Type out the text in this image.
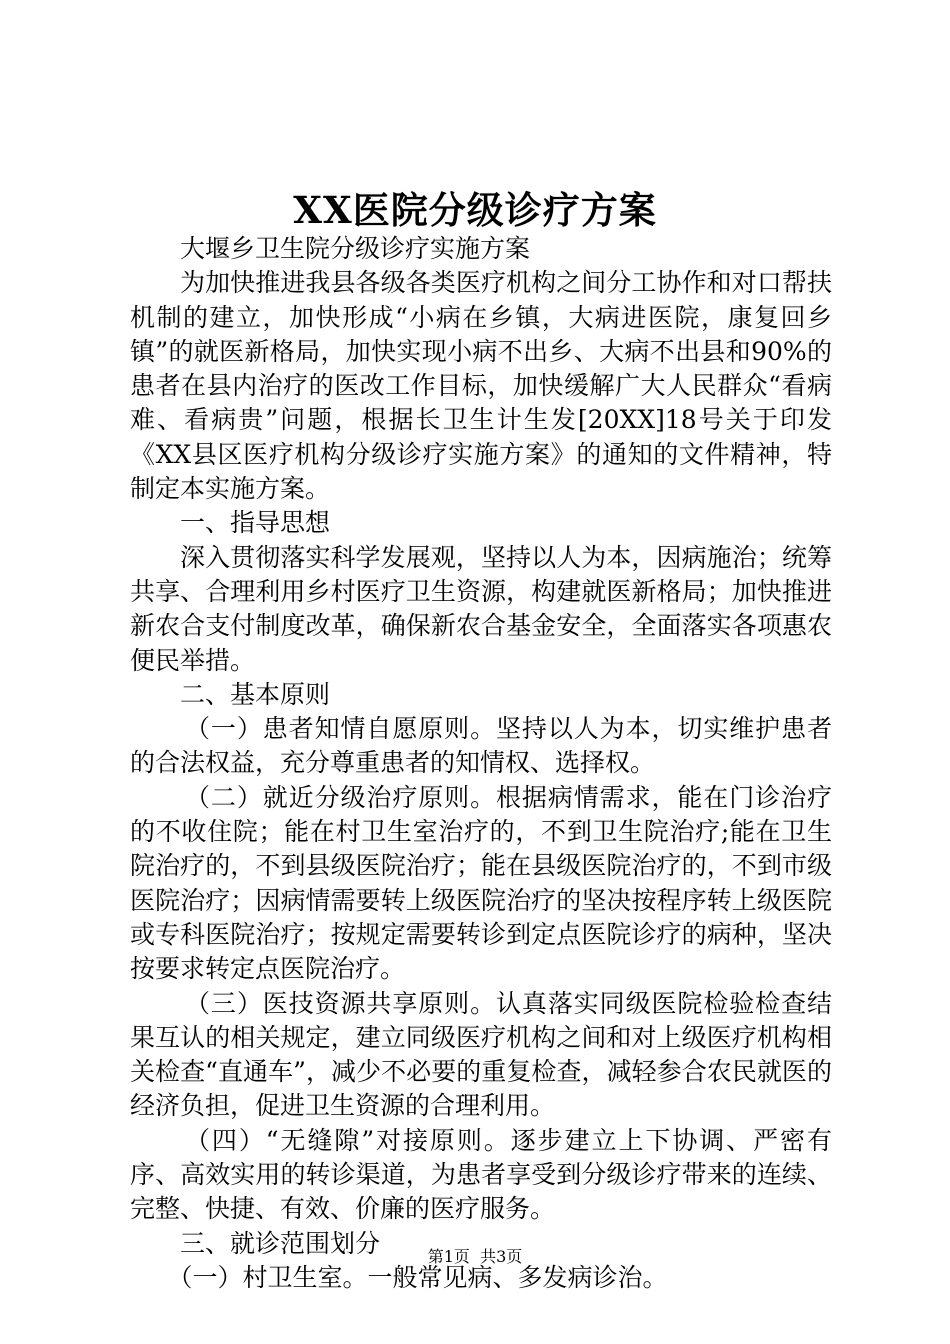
XX医院分级诊疗方案

大堰乡卫生院分级诊疗实施方案

为加快推进我县各级各类医疗机构之间分工协作和对口帮扶机制的建立，加快形成“小病在乡镇，大病进医院，康复回乡镇”的就医新格局，加快实现小病不出乡、大病不出县和90%的患者在县内治疗的医改工作目标，加快缓解广大人民群众“看病难、看病贵”问题，根据长卫生计生发[20XX]18号关于印发《XX县区医疗机构分级诊疗实施方案》的通知的文件精神，特制定本实施方案。

一、指导思想

深入贯彻落实科学发展观，坚持以人为本，因病施治；统筹共享、合理利用乡村医疗卫生资源，构建就医新格局；加快推进新农合支付制度改革，确保新农合基金安全，全面落实各项惠农便民举措。

二、基本原则

（一）患者知情自愿原则。坚持以人为本，切实维护患者的合法权益，充分尊重患者的知情权、选择权。

（二）就近分级治疗原则。根据病情需求，能在门诊治疗的不收住院；能在村卫生室治疗的，不到卫生院治疗;能在卫生院治疗的，不到县级医院治疗；能在县级医院治疗的，不到市级医院治疗；因病情需要转上级医院治疗的坚决按程序转上级医院或专科医院治疗；按规定需要转诊到定点医院诊疗的病种，坚决按要求转定点医院治疗。

（三）医技资源共享原则。认真落实同级医院检验检查结果互认的相关规定，建立同级医疗机构之间和对上级医疗机构相关检查“直通车”，减少不必要的重复检查，减轻参合农民就医的经济负担，促进卫生资源的合理利用。

（四）“无缝隙”对接原则。逐步建立上下协调、严密有序、高效实用的转诊渠道，为患者享受到分级诊疗带来的连续、完整、快捷、有效、价廉的医疗服务。

三、就诊范围划分

（一）村卫生室。一般常见病、多发病诊治。

第1页  共3页
